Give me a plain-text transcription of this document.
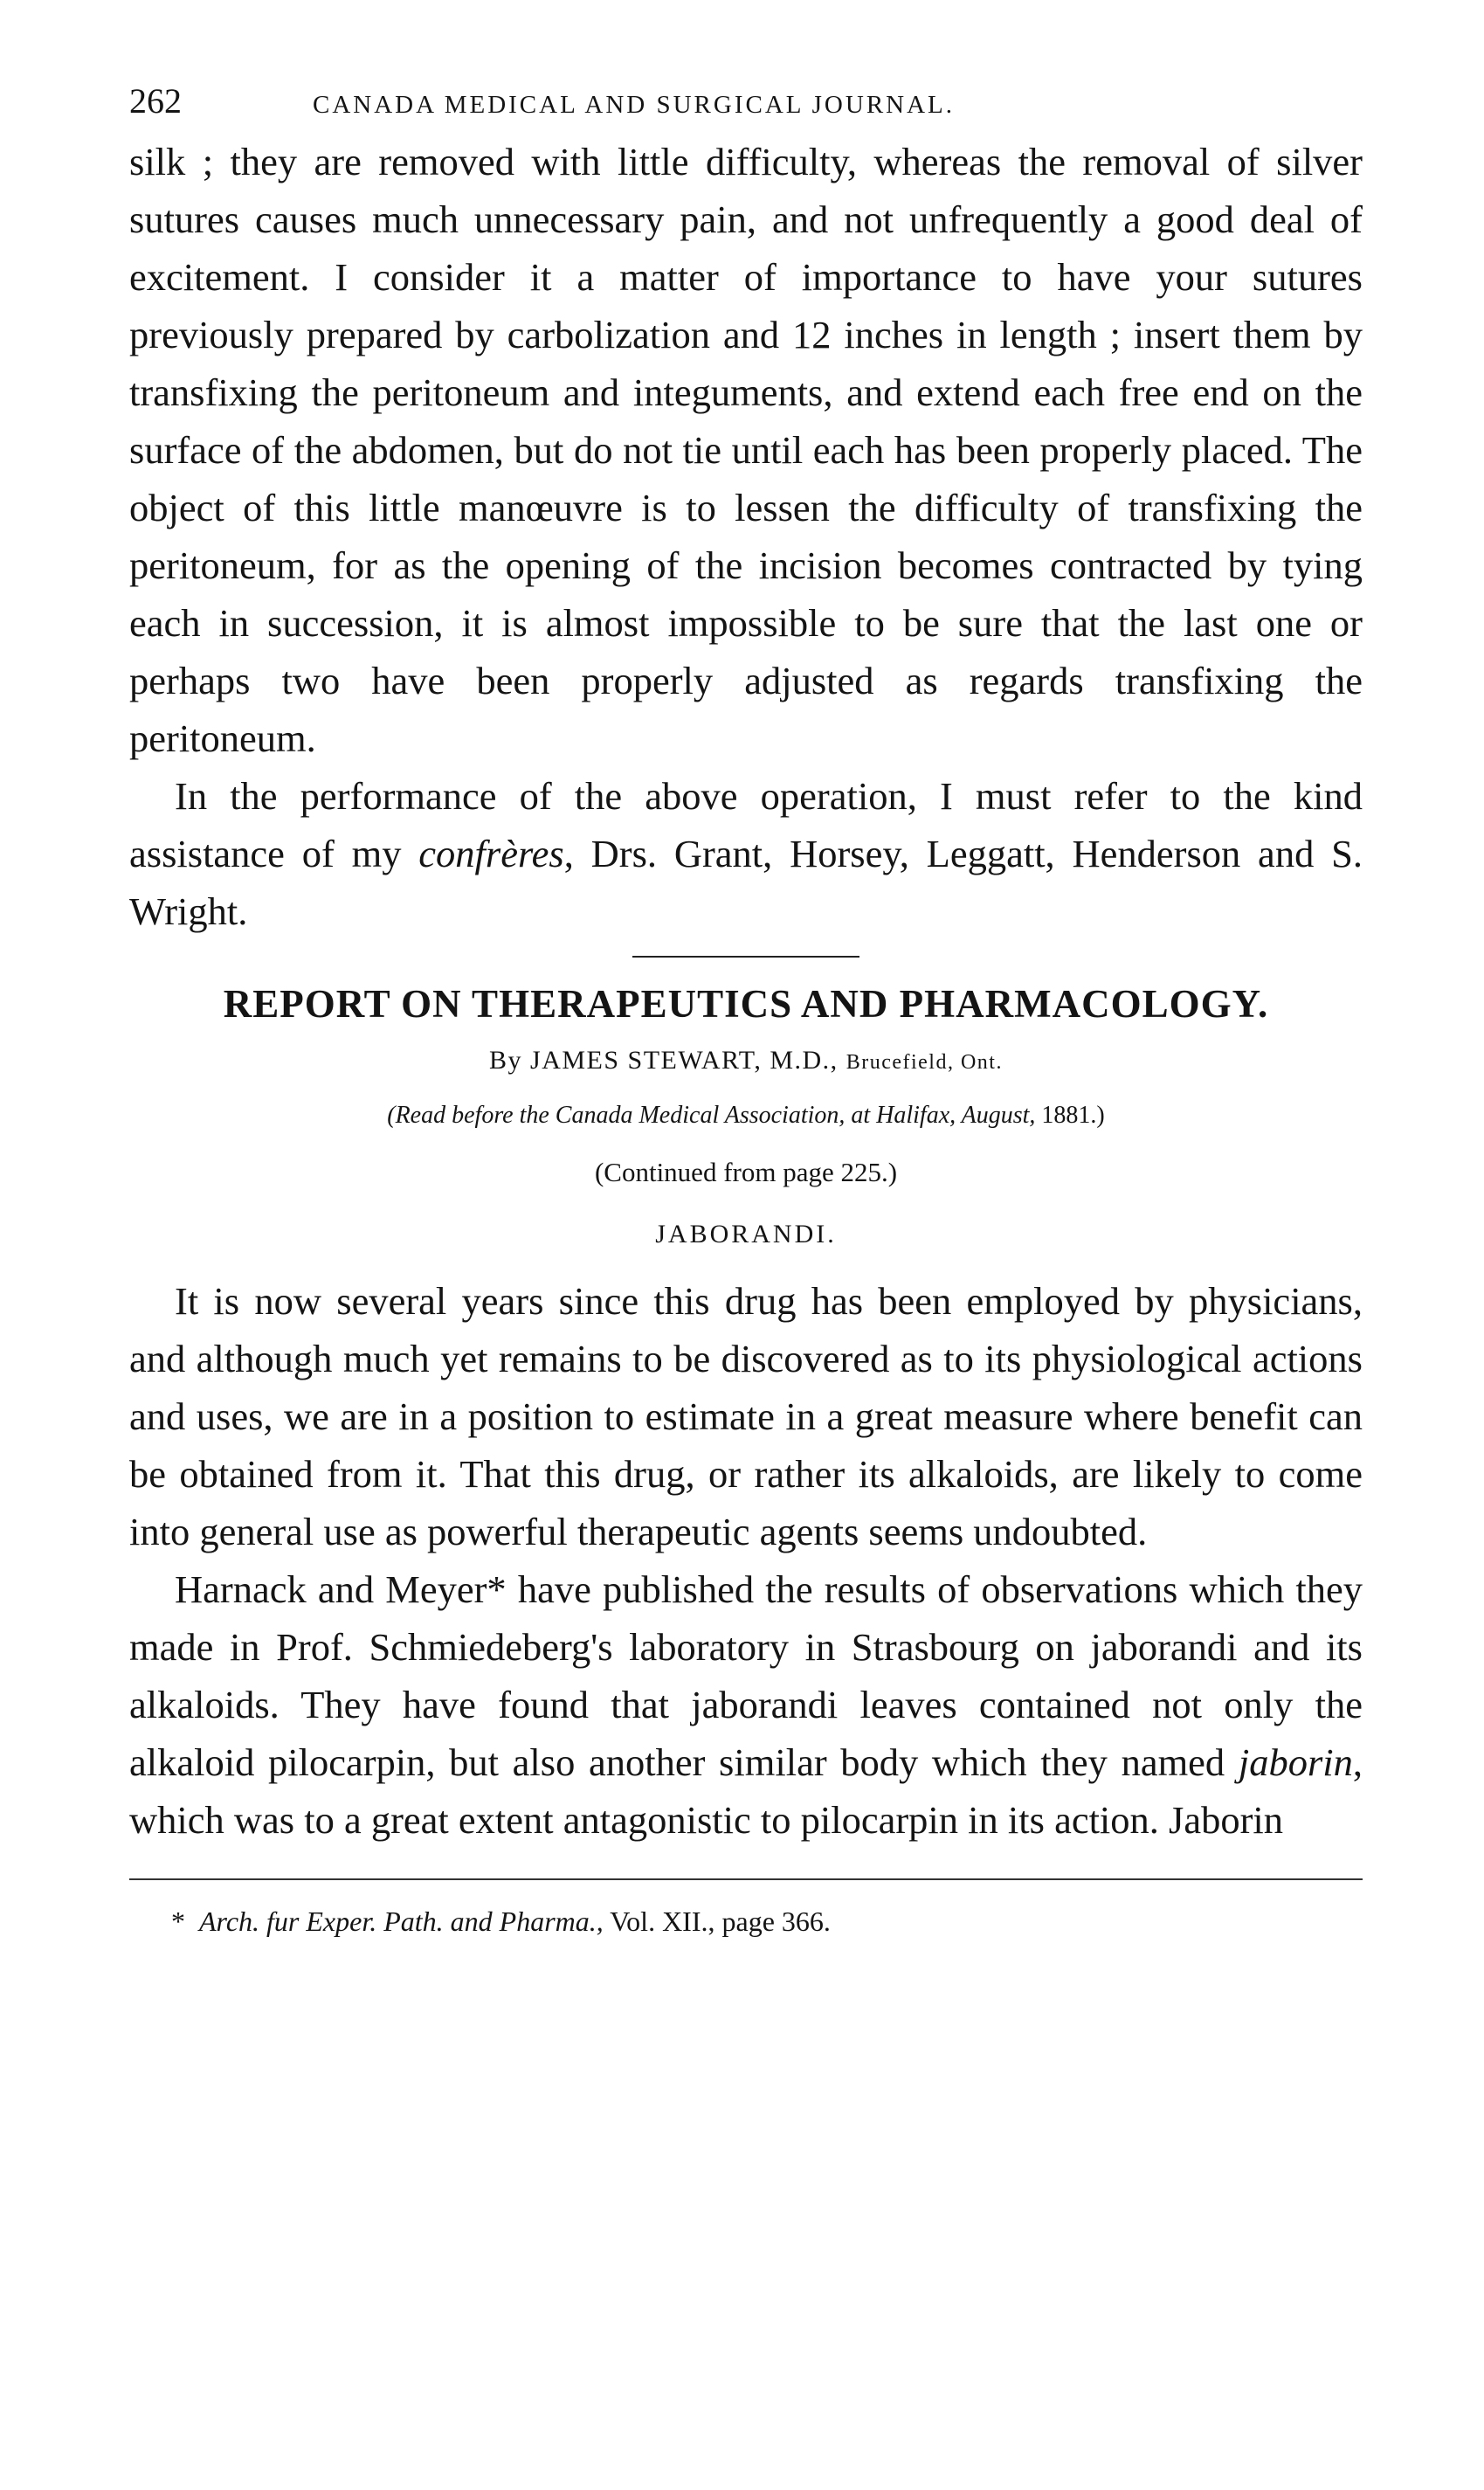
262	CANADA MEDICAL AND SURGICAL JOURNAL.

silk ; they are removed with little difficulty, whereas the removal of silver sutures causes much unnecessary pain, and not unfrequently a good deal of excitement. I consider it a matter of importance to have your sutures previously prepared by carbolization and 12 inches in length ; insert them by transfixing the peritoneum and integuments, and extend each free end on the surface of the abdomen, but do not tie until each has been properly placed. The object of this little manœuvre is to lessen the difficulty of transfixing the peritoneum, for as the opening of the incision becomes contracted by tying each in succession, it is almost impossible to be sure that the last one or perhaps two have been properly adjusted as regards transfixing the peritoneum.

In the performance of the above operation, I must refer to the kind assistance of my confrères, Drs. Grant, Horsey, Leggatt, Henderson and S. Wright.

REPORT ON THERAPEUTICS AND PHARMACOLOGY.

By JAMES STEWART, M.D., Brucefield, Ont.

(Read before the Canada Medical Association, at Halifax, August, 1881.)

(Continued from page 225.)

JABORANDI.

It is now several years since this drug has been employed by physicians, and although much yet remains to be discovered as to its physiological actions and uses, we are in a position to estimate in a great measure where benefit can be obtained from it. That this drug, or rather its alkaloids, are likely to come into general use as powerful therapeutic agents seems undoubted.

Harnack and Meyer* have published the results of observations which they made in Prof. Schmiedeberg's laboratory in Strasbourg on jaborandi and its alkaloids. They have found that jaborandi leaves contained not only the alkaloid pilocarpin, but also another similar body which they named jaborin, which was to a great extent antagonistic to pilocarpin in its action. Jaborin

* Arch. fur Exper. Path. and Pharma., Vol. XII., page 366.
